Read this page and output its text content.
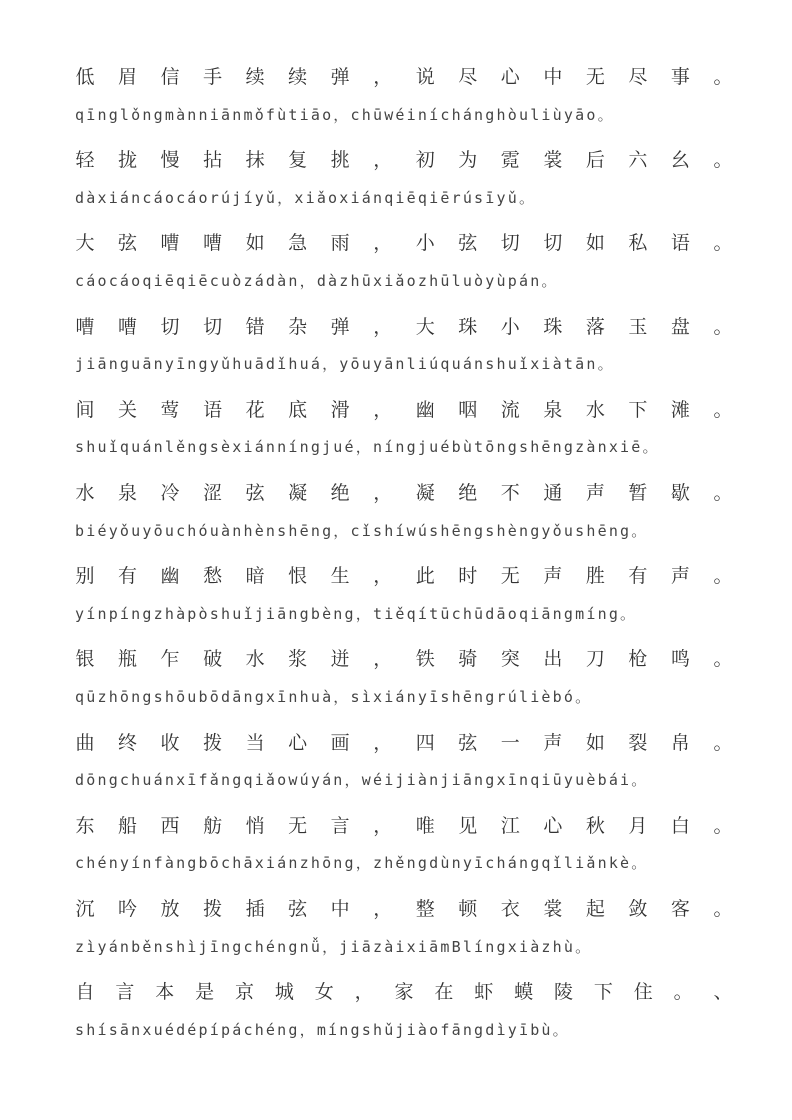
低 眉 信 手 续 续 弹 ， 说 尽 心 中 无 尽 事 。
qīnglǒngmànniānmǒfùtiāo，chūwéiníchánghòuliùyāo。
轻 拢 慢 拈 抹 复 挑 ， 初 为 霓 裳 后 六 幺 。
dàxiáncáocáorújíyǔ，xiǎoxiánqiēqiērúsīyǔ。
大 弦 嘈 嘈 如 急 雨 ， 小 弦 切 切 如 私 语 。
cáocáoqiēqiēcuòzádàn，dàzhūxiǎozhūluòyùpán。
嘈 嘈 切 切 错 杂 弹 ， 大 珠 小 珠 落 玉 盘 。
jiānguānyīngyǔhuādǐhuá，yōuyānliúquánshuǐxiàtān。
间 关 莺 语 花 底 滑 ， 幽 咽 流 泉 水 下 滩 。
shuǐquánlěngsèxiánníngjué，níngjuébùtōngshēngzànxiē。
水 泉 冷 涩 弦 凝 绝 ， 凝 绝 不 通 声 暂 歇 。
biéyǒuyōuchóuànhènshēng，cǐshíwúshēngshèngyǒushēng。
别 有 幽 愁 暗 恨 生 ， 此 时 无 声 胜 有 声 。
yínpíngzhàpòshuǐjiāngbèng，tiěqítūchūdāoqiāngmíng。
银 瓶 乍 破 水 浆 迸 ， 铁 骑 突 出 刀 枪 鸣 。
qūzhōngshōubōdāngxīnhuà，sìxiányīshēngrúlièbó。
曲 终 收 拨 当 心 画 ， 四 弦 一 声 如 裂 帛 。
dōngchuánxīfǎngqiǎowúyán，wéijiànjiāngxīnqiūyuèbái。
东 船 西 舫 悄 无 言 ， 唯 见 江 心 秋 月 白 。
chényínfàngbōchāxiánzhōng，zhěngdùnyīchángqǐliǎnkè。
沉 吟 放 拨 插 弦 中 ， 整 顿 衣 裳 起 敛 客 。
zìyánběnshìjīngchéngnǚ，jiāzàixiāmBlíngxiàzhù。
自 言 本 是 京 城 女 ， 家 在 虾 蟆 陵 下 住 。 、
shísānxuédépípáchéng，míngshǔjiàofāngdìyībù。
